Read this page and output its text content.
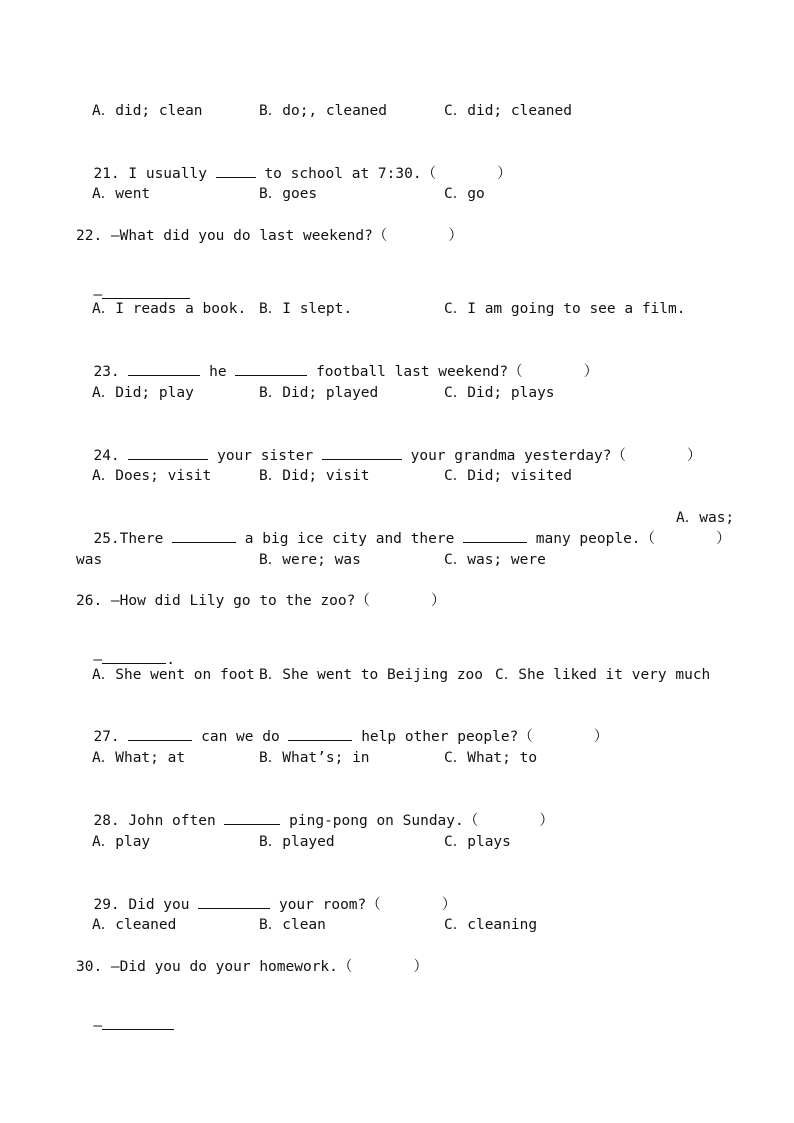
A．did; clean	B．do;, cleaned	C．did; cleaned

21. I usually	to school at 7:30.（       ）

A．went	B．goes	C．go
22. —What did you do last weekend?（       ）

—

A．I reads a book. B．I slept.	C．I am going to see a film.

23.	he	football last weekend?（       ）

A．Did; play	B．Did; played	C．Did; plays

24.	your sister	your grandma yesterday?（       ）

A．Does; visit	B．Did; visit	C．Did; visited

25.There	a big ice city and there	many people.（       ）

A．was;
was	B．were; was	C．was; were
26. —How did Lily go to the zoo?（       ）

—	.

A．She went on foot B．She went to Beijing zoo C．She liked it very much

27.	can we do	help other people?（       ）

A．What; at	B．What’s; in	C．What; to

28. John often	ping-pong on Sunday.（       ）

A．play	B．played	C．plays

29. Did you	your room?（       ）

A．cleaned	B．clean	C．cleaning
30. —Did you do your homework.（       ）

—
